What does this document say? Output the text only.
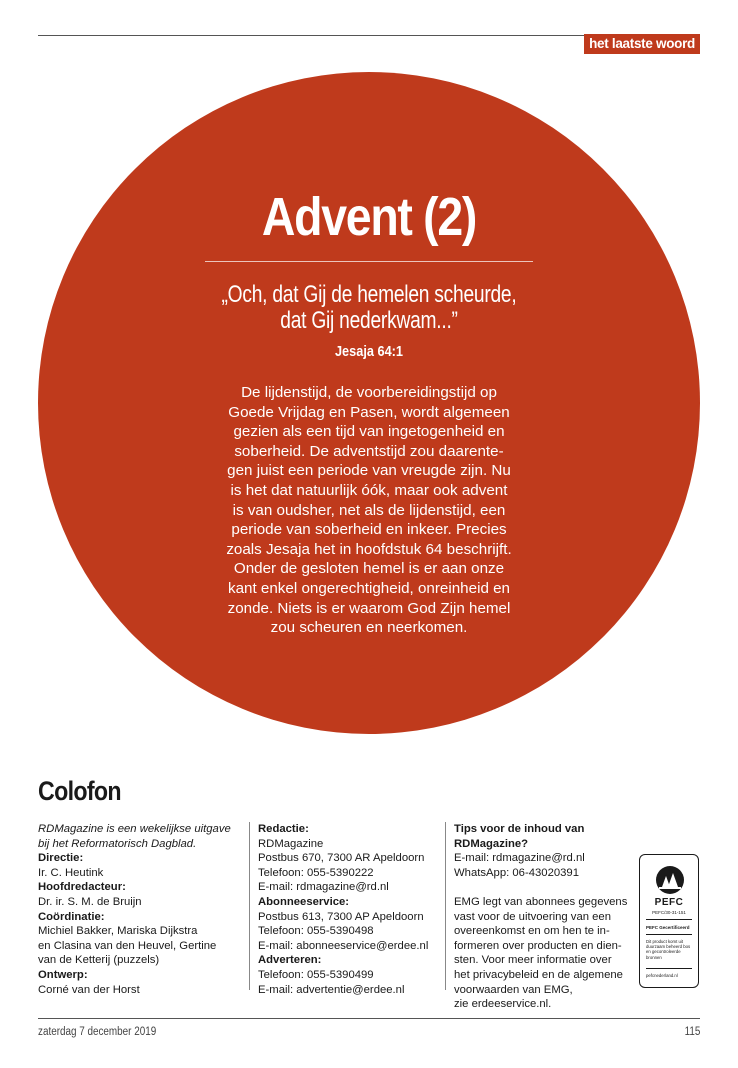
het laatste woord
Advent (2)
„Och, dat Gij de hemelen scheurde,
dat Gij nederkwam...”
Jesaja 64:1
De lijdenstijd, de voorbereidingstijd op
Goede Vrijdag en Pasen, wordt algemeen
gezien als een tijd van ingetogenheid en
soberheid. De adventstijd zou daarente-
gen juist een periode van vreugde zijn. Nu
is het dat natuurlijk óók, maar ook advent
is van oudsher, net als de lijdenstijd, een
periode van soberheid en inkeer. Precies
zoals Jesaja het in hoofdstuk 64 beschrijft.
Onder de gesloten hemel is er aan onze
kant enkel ongerechtigheid, onreinheid en
zonde. Niets is er waarom God Zijn hemel
zou scheuren en neerkomen.
Colofon
RDMagazine is een wekelijkse uitgave
bij het Reformatorisch Dagblad.
Directie:
Ir. C. Heutink
Hoofdredacteur:
Dr. ir. S. M. de Bruijn
Coördinatie:
Michiel Bakker, Mariska Dijkstra
en Clasina van den Heuvel, Gertine
van de Ketterij (puzzels)
Ontwerp:
Corné van der Horst
Redactie:
RDMagazine
Postbus 670, 7300 AR Apeldoorn
Telefoon: 055-5390222
E-mail: rdmagazine@rd.nl
Abonneeservice:
Postbus 613, 7300 AP Apeldoorn
Telefoon: 055-5390498
E-mail: abonneeservice@erdee.nl
Adverteren:
Telefoon: 055-5390499
E-mail: advertentie@erdee.nl
Tips voor de inhoud van RDMagazine?
E-mail: rdmagazine@rd.nl
WhatsApp: 06-43020391
EMG legt van abonnees gegevens
vast voor de uitvoering van een
overeenkomst en om hen te in-
formeren over producten en dien-
sten. Voor meer informatie over
het privacybeleid en de algemene
voorwaarden van EMG,
zie erdeeservice.nl.
PEFC
PEFC/30-31-151
PEFC Gecertificeerd
Dit product komt uit duurzaam beheerd bos en gecontroleerde bronnen
pefcnederland.nl
zaterdag 7 december 2019	115
